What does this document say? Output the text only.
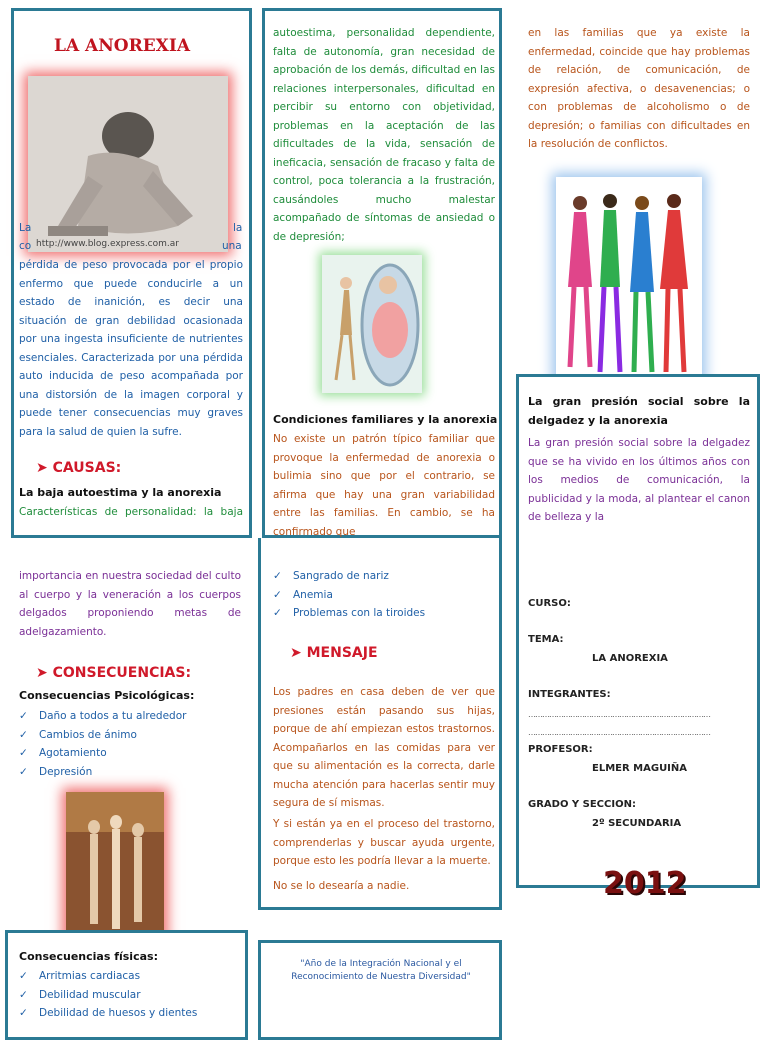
LA ANOREXIA
http://www.blog.express.com.ar
La	la
co	una
pérdida de peso provocada por el propio enfermo que puede conducirle a un estado de inanición, es decir una situación de gran debilidad ocasionada por una ingesta insuficiente de nutrientes esenciales. Caracterizada por una pérdida auto inducida de peso acompañada por una distorsión de la imagen corporal y puede tener consecuencias muy graves para la salud de quien la sufre.
➤ CAUSAS:
La baja autoestima y la anorexia
Características de personalidad: la baja
importancia en nuestra sociedad del culto al cuerpo y la veneración a los cuerpos delgados proponiendo metas de adelgazamiento.
➤ CONSECUENCIAS:
Consecuencias Psicológicas:
✓ Daño a todos a tu alrededor
✓ Cambios de ánimo
✓ Agotamiento
✓ Depresión
Consecuencias físicas:
✓ Arritmias cardiacas
✓ Debilidad muscular
✓ Debilidad de huesos y dientes
autoestima, personalidad dependiente, falta de autonomía, gran necesidad de aprobación de los demás, dificultad en las relaciones interpersonales, dificultad en percibir su entorno con objetividad, problemas en la aceptación de las dificultades de la vida, sensación de ineficacia, sensación de fracaso y falta de control, poca tolerancia a la frustración, causándoles mucho malestar acompañado de síntomas de ansiedad o de depresión;
Condiciones familiares y la anorexia
No existe un patrón típico familiar que provoque la enfermedad de anorexia o bulimia sino que por el contrario, se afirma que hay una gran variabilidad entre las familias. En cambio, se ha confirmado que
✓ Sangrado de nariz
✓ Anemia
✓ Problemas con la tiroides
➤ MENSAJE
Los padres en casa deben de ver que presiones están pasando sus hijas, porque de ahí empiezan estos trastornos. Acompañarlos en las comidas para ver que su alimentación es la correcta, darle mucha atención para hacerlas sentir muy segura de sí mismas.
Y si están ya en el proceso del trastorno, comprenderlas y buscar ayuda urgente, porque esto les podría llevar a la muerte.
No se lo desearía a nadie.
"Año de la Integración Nacional y el Reconocimiento de Nuestra Diversidad"
en las familias que ya existe la enfermedad, coincide que hay problemas de relación, de comunicación, de expresión afectiva, o desavenencias; o con problemas de alcoholismo o de depresión; o familias con dificultades en la resolución de conflictos.
La gran presión social sobre la delgadez y la anorexia
La gran presión social sobre la delgadez que se ha vivido en los últimos años con los medios de comunicación, la publicidad y la moda, al plantear el canon de belleza y la
CURSO:
TEMA:
LA ANOREXIA
INTEGRANTES:
……………………………………………………………………
……………………………………………………………………
PROFESOR:
ELMER MAGUIÑA
GRADO Y SECCION:
2º SECUNDARIA
2012
